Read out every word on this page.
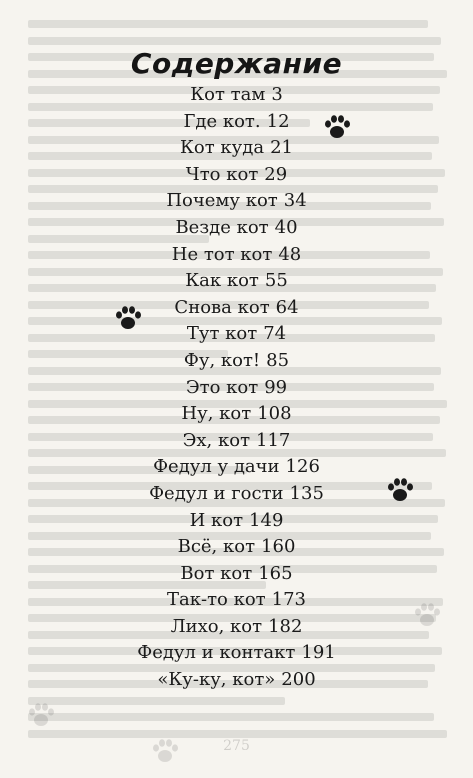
Содержание
Кот там 3
Где кот. 12
Кот куда 21
Что кот 29
Почему кот 34
Везде кот 40
Не тот кот 48
Как кот 55
Снова кот 64
Тут кот 74
Фу, кот! 85
Это кот 99
Ну, кот 108
Эх, кот 117
Федул у дачи 126
Федул и гости 135
И кот 149
Всё, кот 160
Вот кот 165
Так-то кот 173
Лихо, кот 182
Федул и контакт 191
«Ку-ку, кот» 200
275
